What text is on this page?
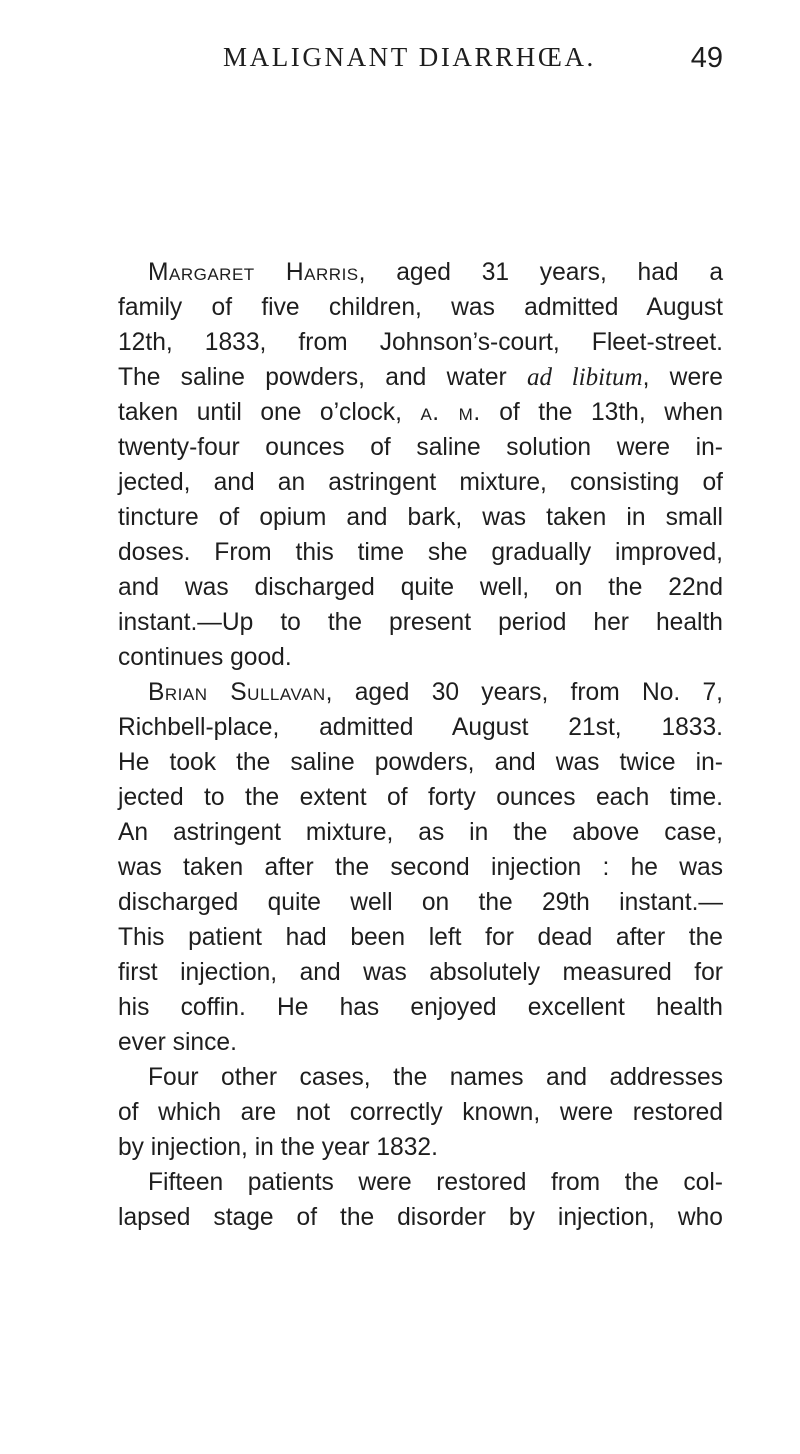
MALIGNANT DIARRHŒA.	49
Margaret Harris, aged 31 years, had a
family of five children, was admitted August
12th, 1833, from Johnson’s-court, Fleet-street.
The saline powders, and water ad libitum, were
taken until one o’clock, a. m. of the 13th, when
twenty-four ounces of saline solution were in-
jected, and an astringent mixture, consisting of
tincture of opium and bark, was taken in small
doses. From this time she gradually improved,
and was discharged quite well, on the 22nd
instant.—Up to the present period her health
continues good.
Brian Sullavan, aged 30 years, from No. 7,
Richbell-place, admitted August 21st, 1833.
He took the saline powders, and was twice in-
jected to the extent of forty ounces each time.
An astringent mixture, as in the above case,
was taken after the second injection : he was
discharged quite well on the 29th instant.—
This patient had been left for dead after the
first injection, and was absolutely measured for
his coffin. He has enjoyed excellent health
ever since.
Four other cases, the names and addresses
of which are not correctly known, were restored
by injection, in the year 1832.
Fifteen patients were restored from the col-
lapsed stage of the disorder by injection, who
